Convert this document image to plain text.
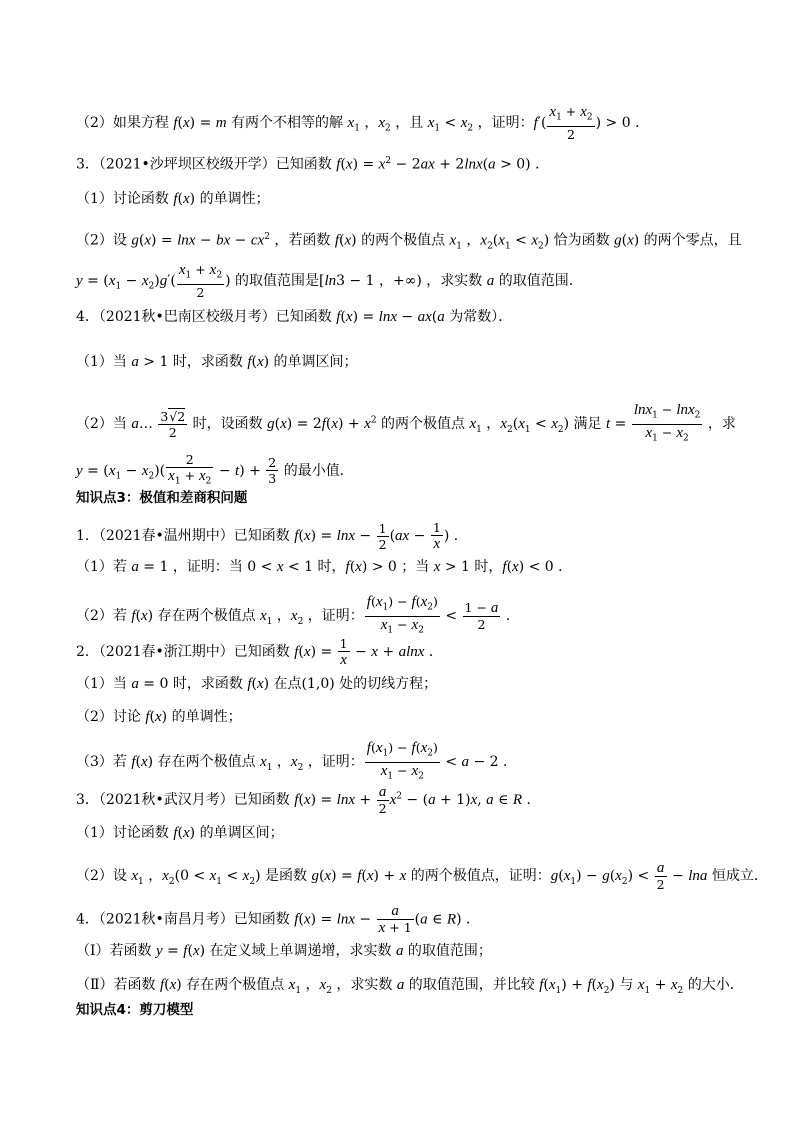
（2）如果方程 f(x) = m 有两个不相等的解 $x_1$ ，$x_2$ ，且 $x_1 < x_2$ ，证明：$f'( \frac{x_1 + x_2}{2}$ ) > 0 ．
3．（2021•沙坪坝区校级开学）已知函数 $f(x) = x^2 - 2ax + 2\ln x(a > 0)$ ．
（1）讨论函数 f(x) 的单调性；
（2）设 g(x) = lnx − bx − $cx^2$ ，若函数 f(x) 的两个极值点 $x_1$ ，$x_2(x_1 < x_2)$ 恰为函数 g(x) 的两个零点，且
$y = (x_1 - x_2)g'( \frac{x_1 + x_2}{2}$ ) 的取值范围是[ln3 − 1 ，+∞) ，求实数 a 的取值范围．
4．（2021秋•巴南区校级月考）已知函数 f(x) = lnx − ax(a 为常数）．
（1）当 a > 1 时，求函数 f(x) 的单调区间；
（2）当 a… $\frac{3√2}{2}$ 时，设函数 $g(x) = 2f(x) + x^2$ 的两个极值点 $x_1$ ，$x_2(x_1 < x_2)$ 满足 $t = \frac{\ln x_1 - \ln x_2}{x_1 - x_2}$ ，求
$y = (x_1 - x_2)( \frac{2}{x_1 + x_2} - t) + \frac{2}{3}$ 的最小值．
知识点3：极值和差商积问题
1．（2021春•温州期中）已知函数 $f(x) = \ln x - \frac{1}{2} (ax - \frac{1}{x}$ ) ．
（1）若 a = 1 ，证明：当 0 < x < 1 时，f(x) > 0 ；当 x > 1 时，f(x) < 0 ．
（2）若 f(x) 存在两个极值点 $x_1$ ，$x_2$ ，证明： $\frac{f(x_1) - f(x_2)}{x_1 - x_2} < \frac{1 - a}{2}$ ．
2．（2021春•浙江期中）已知函数 $f(x) = \frac{1}{x} - x + alnx$ ．
（1）当 a = 0 时，求函数 f(x) 在点(1,0) 处的切线方程；
（2）讨论 f(x) 的单调性；
（3）若 f(x) 存在两个极值点 $x_1$ ，$x_2$ ，证明： $\frac{f(x_1) - f(x_2)}{x_1 - x_2} < a - 2$ ．
3．（2021秋•武汉月考）已知函数 $f(x) = \ln x + \frac{a}{2} x^2 - (a + 1)x$, a ∈ R ．
（1）讨论函数 f(x) 的单调区间；
（2）设 $x_1$ ，$x_2(0 < x_1 < x_2)$ 是函数 g(x) = f(x) + x 的两个极值点，证明：$g(x_1) - g(x_2) < \frac{a}{2} - \ln a$ 恒成立．
4．（2021秋•南昌月考）已知函数 $f(x) = \ln x - \frac{a}{x + 1} (a$ ∈ R) ．
（Ⅰ）若函数 y = f(x) 在定义域上单调递增，求实数 a 的取值范围；
（Ⅱ）若函数 f(x) 存在两个极值点 $x_1$ ，$x_2$ ，求实数 a 的取值范围，并比较 $f(x_1) + f(x_2)$ 与 $x_1 + x_2$ 的大小．
知识点4：剪刀模型
